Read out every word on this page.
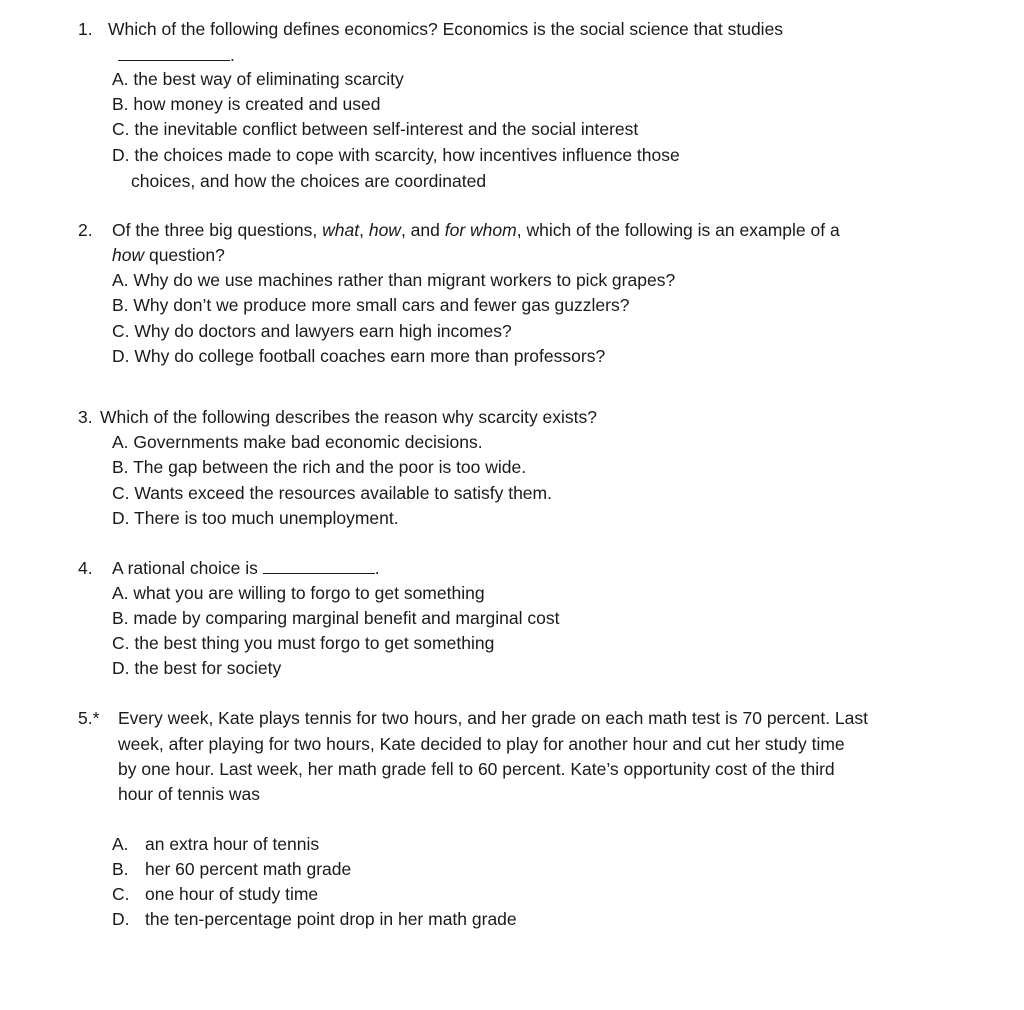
1. Which of the following defines economics? Economics is the social science that studies
.
A. the best way of eliminating scarcity
B. how money is created and used
C. the inevitable conflict between self-interest and the social interest
D. the choices made to cope with scarcity, how incentives influence those
choices, and how the choices are coordinated
2. Of the three big questions, what, how, and for whom, which of the following is an example of a
how question?
A. Why do we use machines rather than migrant workers to pick grapes?
B. Why don’t we produce more small cars and fewer gas guzzlers?
C. Why do doctors and lawyers earn high incomes?
D. Why do college football coaches earn more than professors?
3. Which of the following describes the reason why scarcity exists?
A. Governments make bad economic decisions.
B. The gap between the rich and the poor is too wide.
C. Wants exceed the resources available to satisfy them.
D. There is too much unemployment.
4. A rational choice is	.
A. what you are willing to forgo to get something
B. made by comparing marginal benefit and marginal cost
C. the best thing you must forgo to get something
D. the best for society
5.* Every week, Kate plays tennis for two hours, and her grade on each math test is 70 percent. Last
week, after playing for two hours, Kate decided to play for another hour and cut her study time
by one hour. Last week, her math grade fell to 60 percent. Kate’s opportunity cost of the third
hour of tennis was
A. an extra hour of tennis
B. her 60 percent math grade
C. one hour of study time
D. the ten-percentage point drop in her math grade
